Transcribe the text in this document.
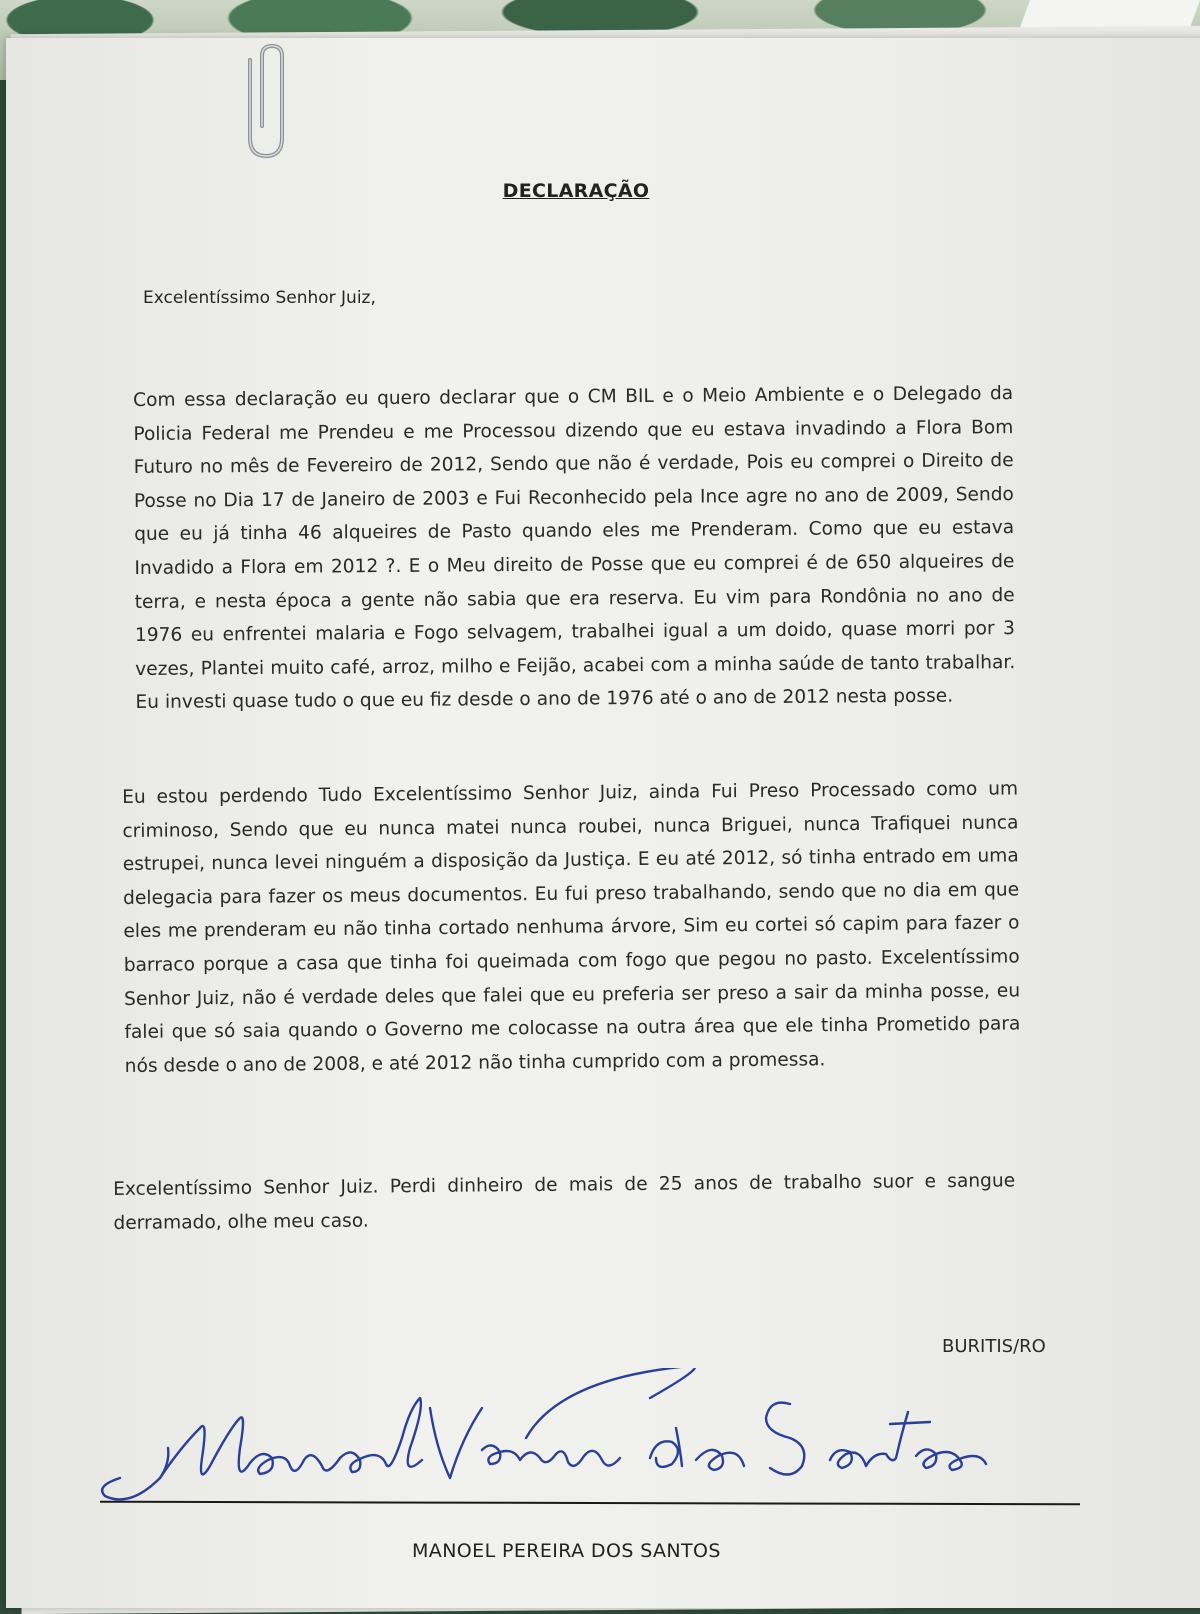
DECLARAÇÃO
Excelentíssimo Senhor Juiz,

Com essa declaração eu quero declarar que o CM BIL e o Meio Ambiente e o Delegado da Policia Federal me Prendeu e me Processou dizendo que eu estava invadindo a Flora Bom Futuro no mês de Fevereiro de 2012, Sendo que não é verdade, Pois eu comprei o Direito de Posse no Dia 17 de Janeiro de 2003 e Fui Reconhecido pela Ince agre no ano de 2009, Sendo que eu já tinha 46 alqueires de Pasto quando eles me Prenderam. Como que eu estava Invadido a Flora em 2012 ?. E o Meu direito de Posse que eu comprei é de 650 alqueires de terra, e nesta época a gente não sabia que era reserva. Eu vim para Rondônia no ano de 1976 eu enfrentei malaria e Fogo selvagem, trabalhei igual a um doido, quase morri por 3 vezes, Plantei muito café, arroz, milho e Feijão, acabei com a minha saúde de tanto trabalhar. Eu investi quase tudo o que eu fiz desde o ano de 1976 até o ano de 2012 nesta posse.

Eu estou perdendo Tudo Excelentíssimo Senhor Juiz, ainda Fui Preso Processado como um criminoso, Sendo que eu nunca matei nunca roubei, nunca Briguei, nunca Trafiquei nunca estrupei, nunca levei ninguém a disposição da Justiça. E eu até 2012, só tinha entrado em uma delegacia para fazer os meus documentos. Eu fui preso trabalhando, sendo que no dia em que eles me prenderam eu não tinha cortado nenhuma árvore, Sim eu cortei só capim para fazer o barraco porque a casa que tinha foi queimada com fogo que pegou no pasto. Excelentíssimo Senhor Juiz, não é verdade deles que falei que eu preferia ser preso a sair da minha posse, eu falei que só saia quando o Governo me colocasse na outra área que ele tinha Prometido para nós desde o ano de 2008, e até 2012 não tinha cumprido com a promessa.

Excelentíssimo Senhor Juiz. Perdi dinheiro de mais de 25 anos de trabalho suor e sangue derramado, olhe meu caso.

BURITIS/RO
MANOEL PEREIRA DOS SANTOS
